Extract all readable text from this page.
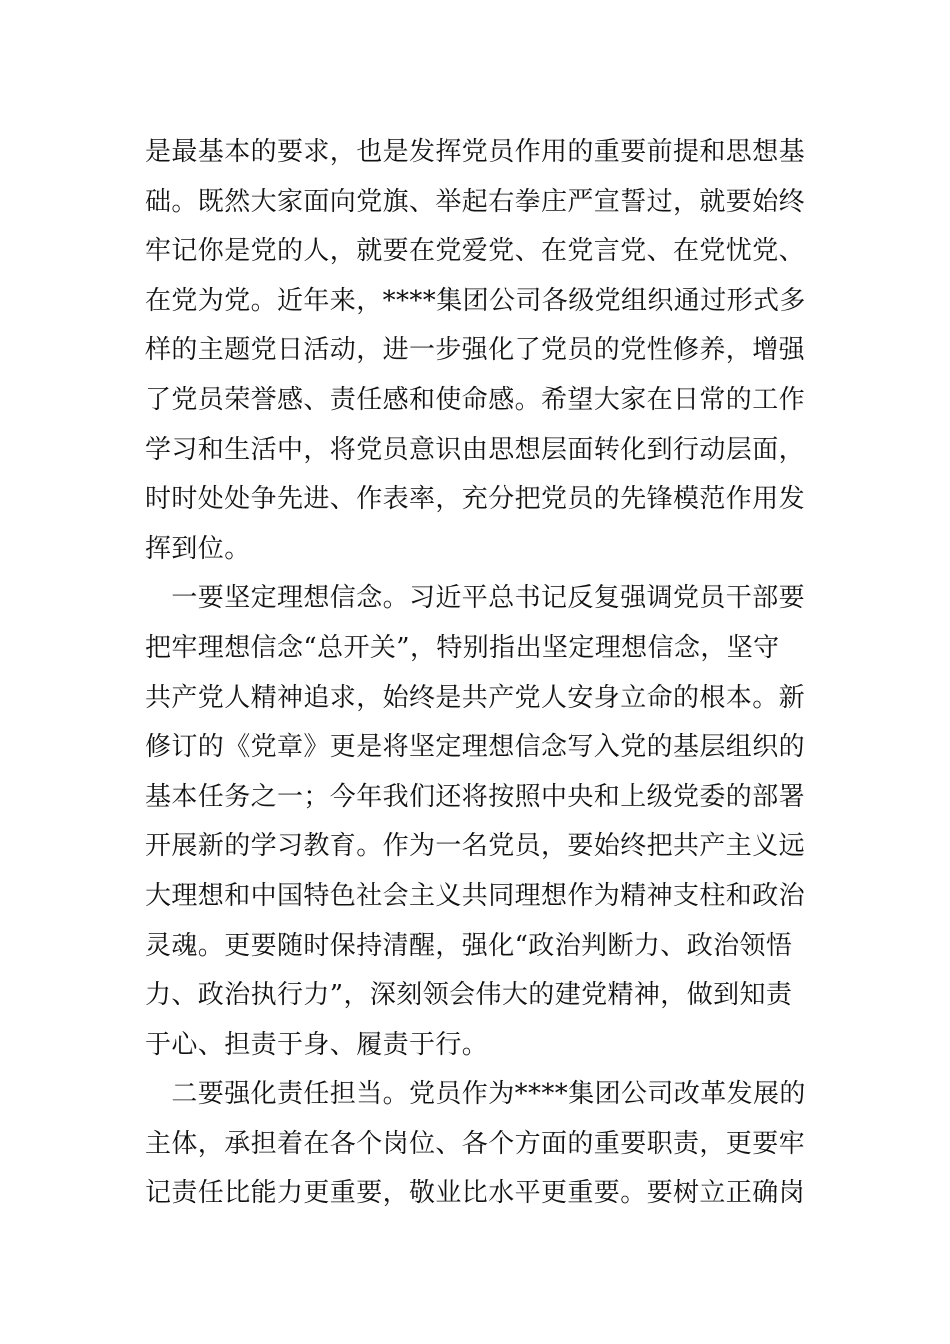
是最基本的要求，也是发挥党员作用的重要前提和思想基
础。既然大家面向党旗、举起右拳庄严宣誓过，就要始终
牢记你是党的人，就要在党爱党、在党言党、在党忧党、
在党为党。近年来，****集团公司各级党组织通过形式多
样的主题党日活动，进一步强化了党员的党性修养，增强
了党员荣誉感、责任感和使命感。希望大家在日常的工作
学习和生活中，将党员意识由思想层面转化到行动层面，
时时处处争先进、作表率，充分把党员的先锋模范作用发
挥到位。
　一要坚定理想信念。习近平总书记反复强调党员干部要
把牢理想信念“总开关”，特别指出坚定理想信念，坚守
共产党人精神追求，始终是共产党人安身立命的根本。新
修订的《党章》更是将坚定理想信念写入党的基层组织的
基本任务之一；今年我们还将按照中央和上级党委的部署
开展新的学习教育。作为一名党员，要始终把共产主义远
大理想和中国特色社会主义共同理想作为精神支柱和政治
灵魂。更要随时保持清醒，强化“政治判断力、政治领悟
力、政治执行力”，深刻领会伟大的建党精神，做到知责
于心、担责于身、履责于行。
　二要强化责任担当。党员作为****集团公司改革发展的
主体，承担着在各个岗位、各个方面的重要职责，更要牢
记责任比能力更重要，敬业比水平更重要。要树立正确岗
